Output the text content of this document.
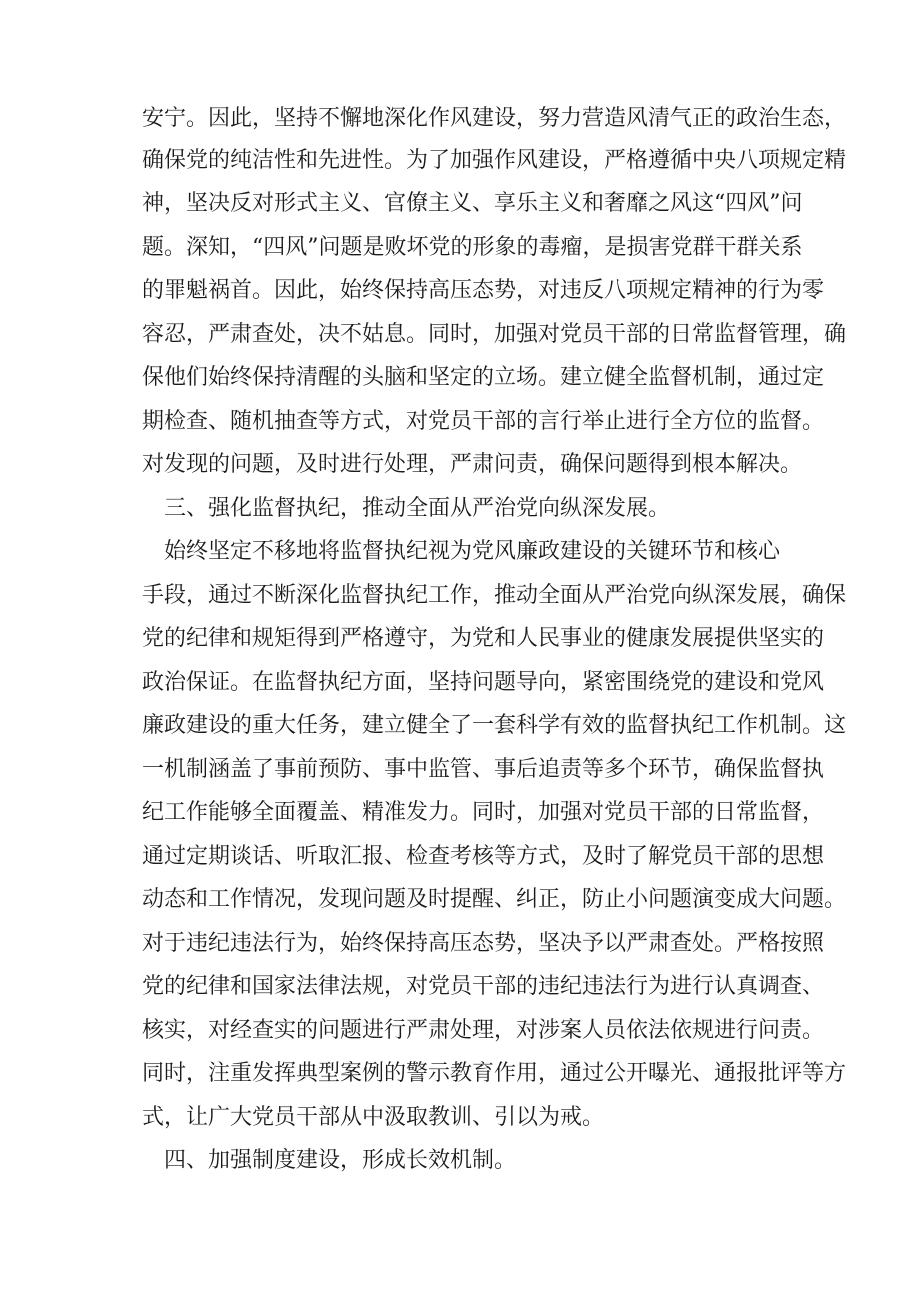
安宁。因此，坚持不懈地深化作风建设，努力营造风清气正的政治生态，
确保党的纯洁性和先进性。为了加强作风建设，严格遵循中央八项规定精
神，坚决反对形式主义、官僚主义、享乐主义和奢靡之风这“四风”问
题。深知，“四风”问题是败坏党的形象的毒瘤，是损害党群干群关系
的罪魁祸首。因此，始终保持高压态势，对违反八项规定精神的行为零
容忍，严肃查处，决不姑息。同时，加强对党员干部的日常监督管理，确
保他们始终保持清醒的头脑和坚定的立场。建立健全监督机制，通过定
期检查、随机抽查等方式，对党员干部的言行举止进行全方位的监督。
对发现的问题，及时进行处理，严肃问责，确保问题得到根本解决。
三、强化监督执纪，推动全面从严治党向纵深发展。
始终坚定不移地将监督执纪视为党风廉政建设的关键环节和核心
手段，通过不断深化监督执纪工作，推动全面从严治党向纵深发展，确保
党的纪律和规矩得到严格遵守，为党和人民事业的健康发展提供坚实的
政治保证。在监督执纪方面，坚持问题导向，紧密围绕党的建设和党风
廉政建设的重大任务，建立健全了一套科学有效的监督执纪工作机制。这
一机制涵盖了事前预防、事中监管、事后追责等多个环节，确保监督执
纪工作能够全面覆盖、精准发力。同时，加强对党员干部的日常监督，
通过定期谈话、听取汇报、检查考核等方式，及时了解党员干部的思想
动态和工作情况，发现问题及时提醒、纠正，防止小问题演变成大问题。
对于违纪违法行为，始终保持高压态势，坚决予以严肃查处。严格按照
党的纪律和国家法律法规，对党员干部的违纪违法行为进行认真调查、
核实，对经查实的问题进行严肃处理，对涉案人员依法依规进行问责。
同时，注重发挥典型案例的警示教育作用，通过公开曝光、通报批评等方
式，让广大党员干部从中汲取教训、引以为戒。
四、加强制度建设，形成长效机制。
